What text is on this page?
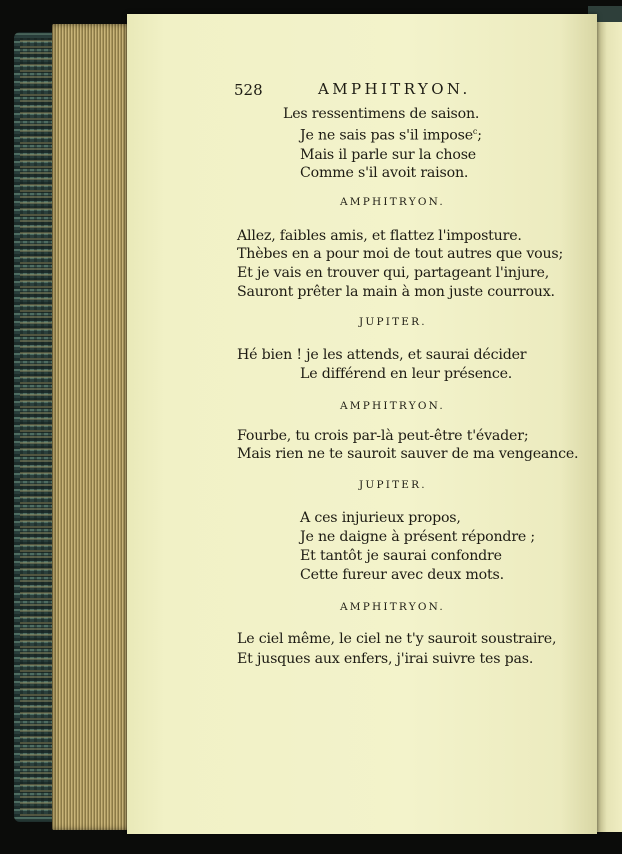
528	AMPHITRYON.
Les ressentimens de saison.
Je ne sais pas s'il impose$^c$;
Mais il parle sur la chose
Comme s'il avoit raison.
AMPHITRYON.
Allez, faibles amis, et flattez l'imposture.
Thèbes en a pour moi de tout autres que vous;
Et je vais en trouver qui, partageant l'injure,
Sauront prêter la main à mon juste courroux.
JUPITER.
Hé bien ! je les attends, et saurai décider
Le différend en leur présence.
AMPHITRYON.
Fourbe, tu crois par-là peut-être t'évader;
Mais rien ne te sauroit sauver de ma vengeance.
JUPITER.
A ces injurieux propos,
Je ne daigne à présent répondre ;
Et tantôt je saurai confondre
Cette fureur avec deux mots.
AMPHITRYON.
Le ciel même, le ciel ne t'y sauroit soustraire,
Et jusques aux enfers, j'irai suivre tes pas.
